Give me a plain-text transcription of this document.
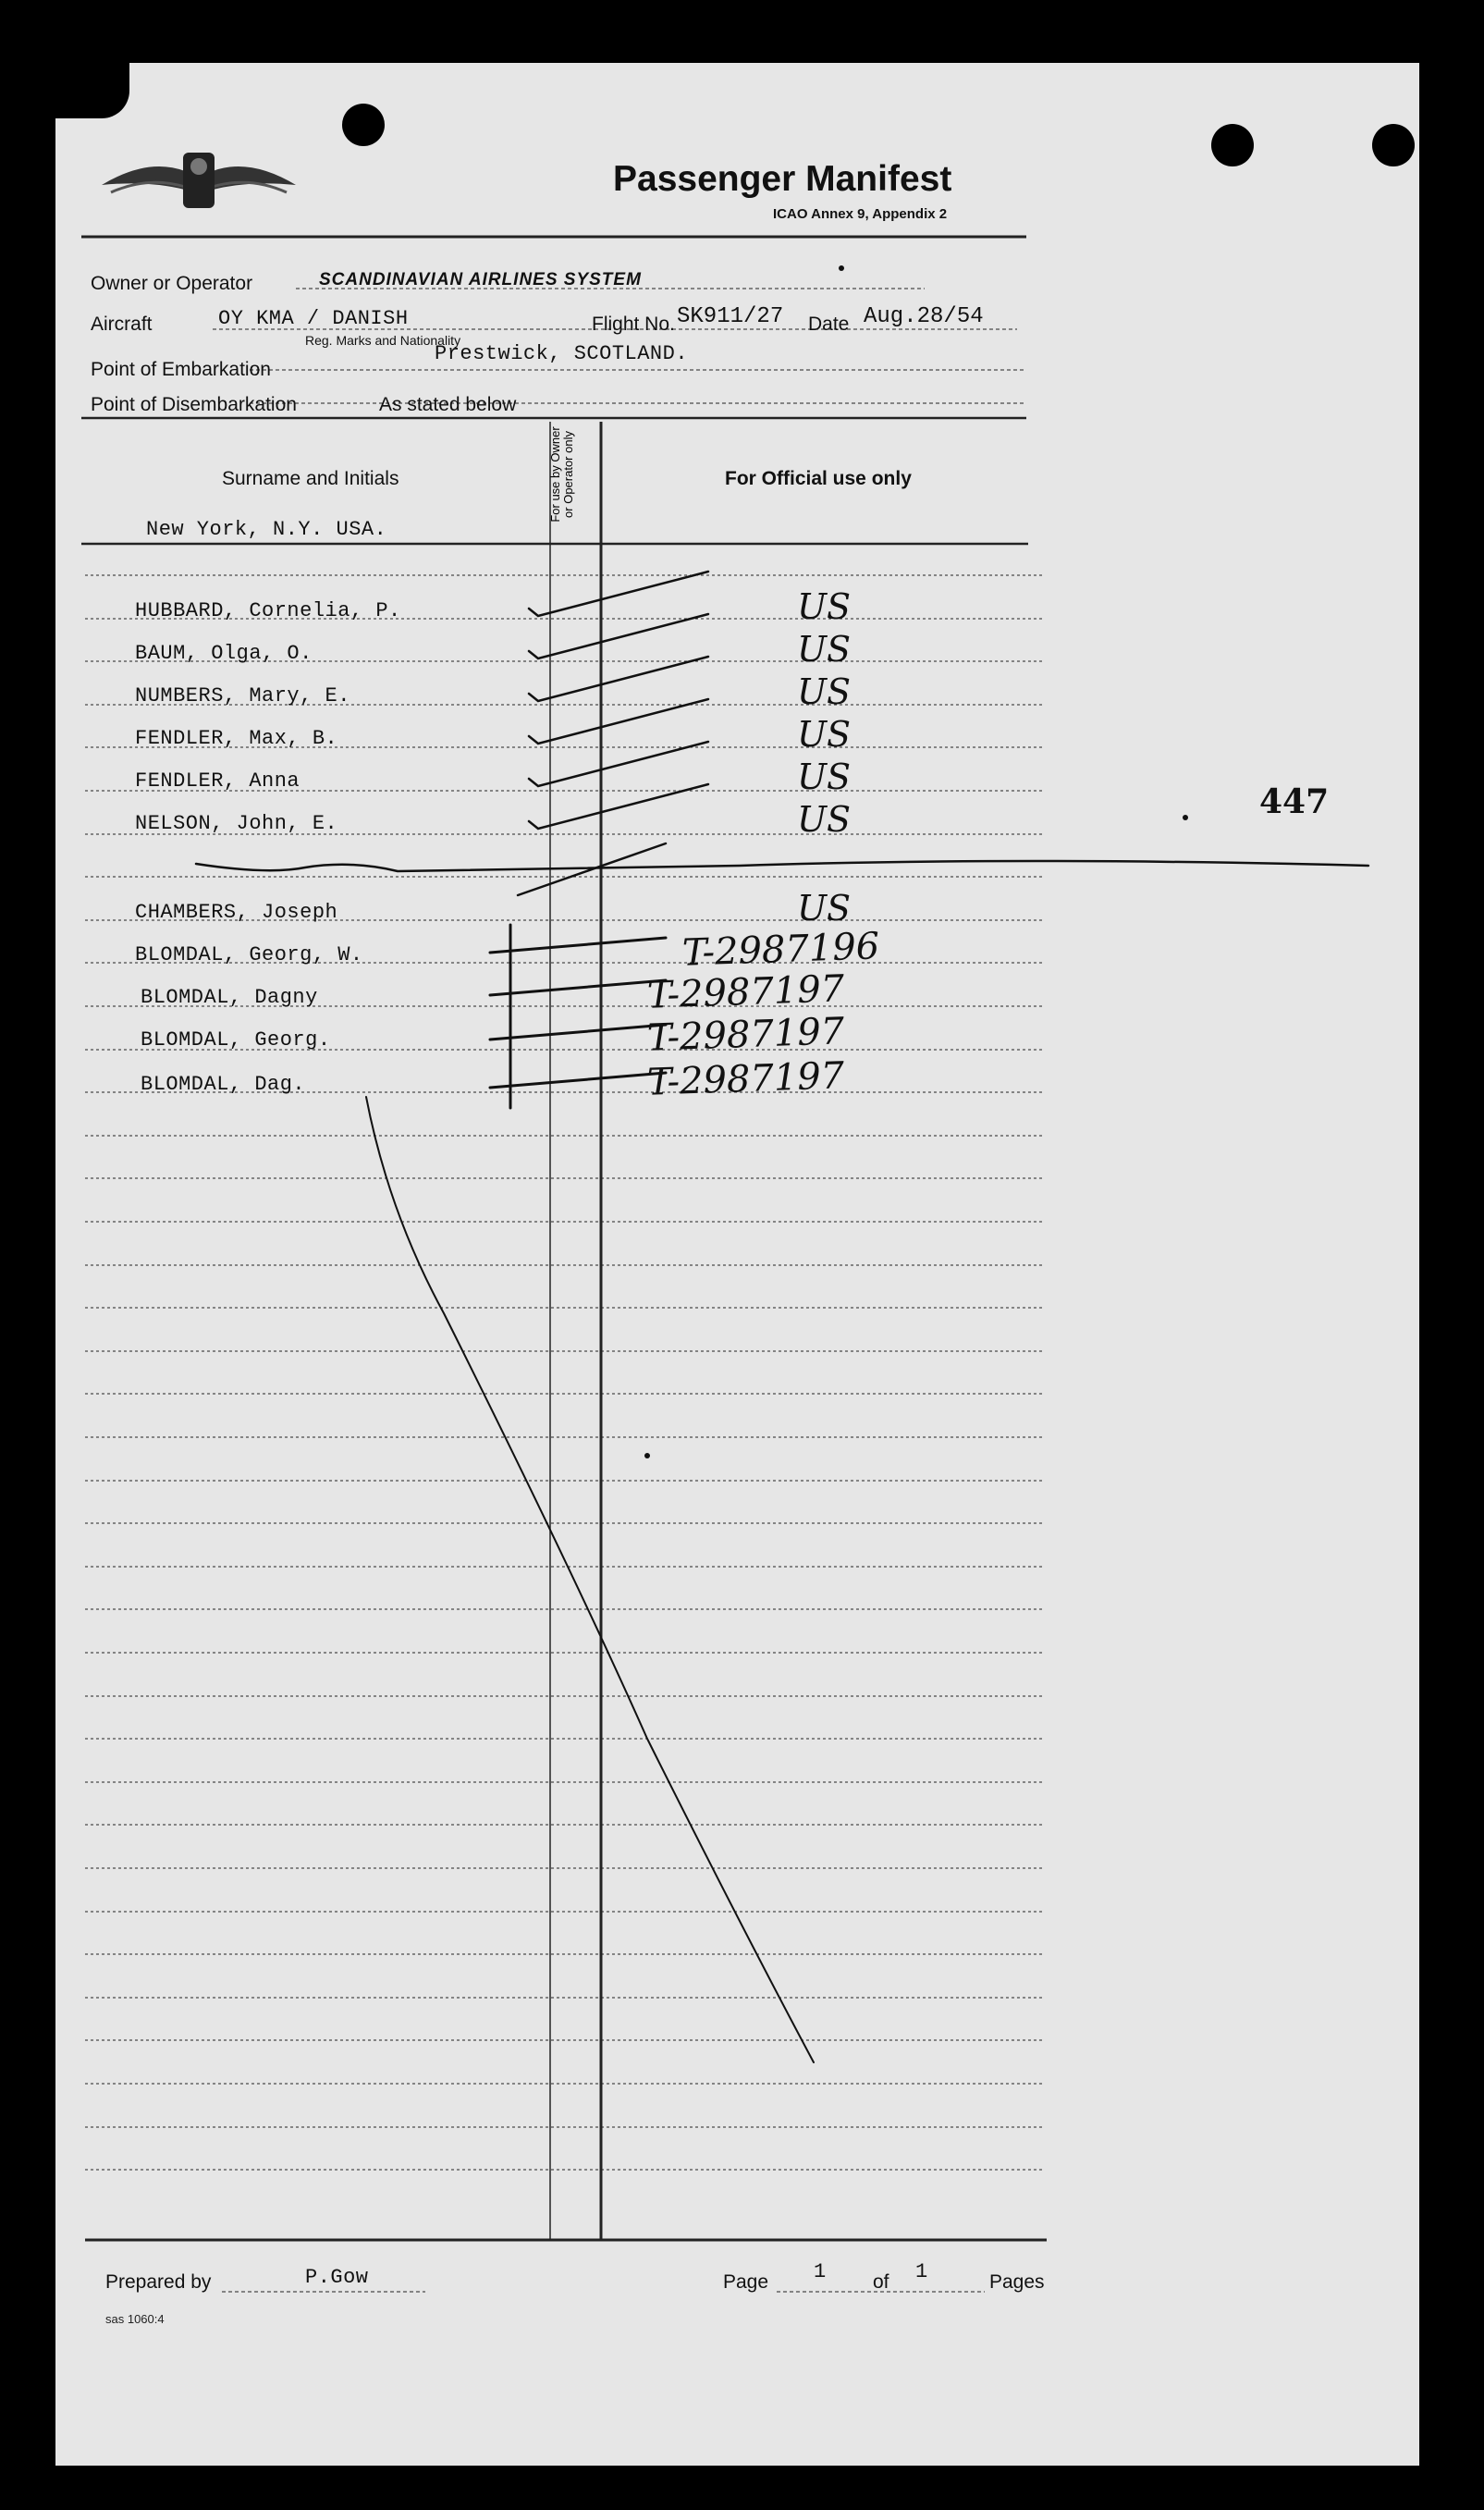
Passenger Manifest
ICAO Annex 9, Appendix 2
Owner or Operator	SCANDINAVIAN AIRLINES SYSTEM
Aircraft	OY KMA / DANISH
Reg. Marks and Nationality
Flight No. SK911/27 Date Aug.28/54
Point of Embarkation
Prestwick, SCOTLAND.
Point of Disembarkation	As stated below
Surname and Initials	For use by Owner or Operator only	For Official use only
New York, N.Y. USA.
HUBBARD, Cornelia, P.	US
BAUM, Olga, O.	US
NUMBERS, Mary, E.	US
FENDLER, Max, B.	US
FENDLER, Anna	US
NELSON, John, E.	US
CHAMBERS, Joseph	US
BLOMDAL, Georg, W.	T-2987196
BLOMDAL, Dagny	T-2987197
BLOMDAL, Georg.	T-2987197
BLOMDAL, Dag.	T-2987197
447
Prepared by	P.Gow	Page 1 of 1	Pages
sas 1060:4
